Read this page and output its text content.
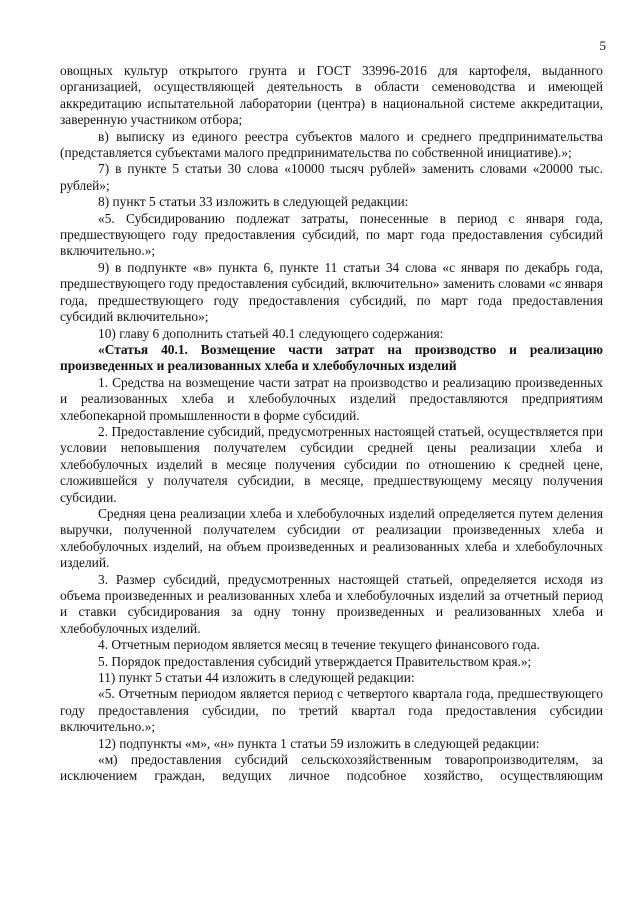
5

овощных культур открытого грунта и ГОСТ 33996-2016 для картофеля, выданного организацией, осуществляющей деятельность в области семеноводства и имеющей аккредитацию испытательной лаборатории (центра) в национальной системе аккредитации, заверенную участником отбора;

в) выписку из единого реестра субъектов малого и среднего предпринимательства (представляется субъектами малого предпринимательства по собственной инициативе).»;

7) в пункте 5 статьи 30 слова «10000 тысяч рублей» заменить словами «20000 тыс. рублей»;

8) пункт 5 статьи 33 изложить в следующей редакции:

«5. Субсидированию подлежат затраты, понесенные в период с января года, предшествующего году предоставления субсидий, по март года предоставления субсидий включительно.»;

9) в подпункте «в» пункта 6, пункте 11 статьи 34 слова «с января по декабрь года, предшествующего году предоставления субсидий, включительно» заменить словами «с января года, предшествующего году предоставления субсидий, по март года предоставления субсидий включительно»;

10) главу 6 дополнить статьей 40.1 следующего содержания:

«Статья 40.1. Возмещение части затрат на производство и реализацию произведенных и реализованных хлеба и хлебобулочных изделий

1. Средства на возмещение части затрат на производство и реализацию произведенных и реализованных хлеба и хлебобулочных изделий предоставляются предприятиям хлебопекарной промышленности в форме субсидий.

2. Предоставление субсидий, предусмотренных настоящей статьей, осуществляется при условии неповышения получателем субсидии средней цены реализации хлеба и хлебобулочных изделий в месяце получения субсидии по отношению к средней цене, сложившейся у получателя субсидии, в месяце, предшествующему месяцу получения субсидии.

Средняя цена реализации хлеба и хлебобулочных изделий определяется путем деления выручки, полученной получателем субсидии от реализации произведенных хлеба и хлебобулочных изделий, на объем произведенных и реализованных хлеба и хлебобулочных изделий.

3. Размер субсидий, предусмотренных настоящей статьей, определяется исходя из объема произведенных и реализованных хлеба и хлебобулочных изделий за отчетный период и ставки субсидирования за одну тонну произведенных и реализованных хлеба и хлебобулочных изделий.

4. Отчетным периодом является месяц в течение текущего финансового года.

5. Порядок предоставления субсидий утверждается Правительством края.»;

11) пункт 5 статьи 44 изложить в следующей редакции:

«5. Отчетным периодом является период с четвертого квартала года, предшествующего году предоставления субсидии, по третий квартал года предоставления субсидии включительно.»;

12) подпункты «м», «н» пункта 1 статьи 59 изложить в следующей редакции:

«м) предоставления субсидий сельскохозяйственным товаропроизводителям, за исключением граждан, ведущих личное подсобное хозяйство, осуществляющим
